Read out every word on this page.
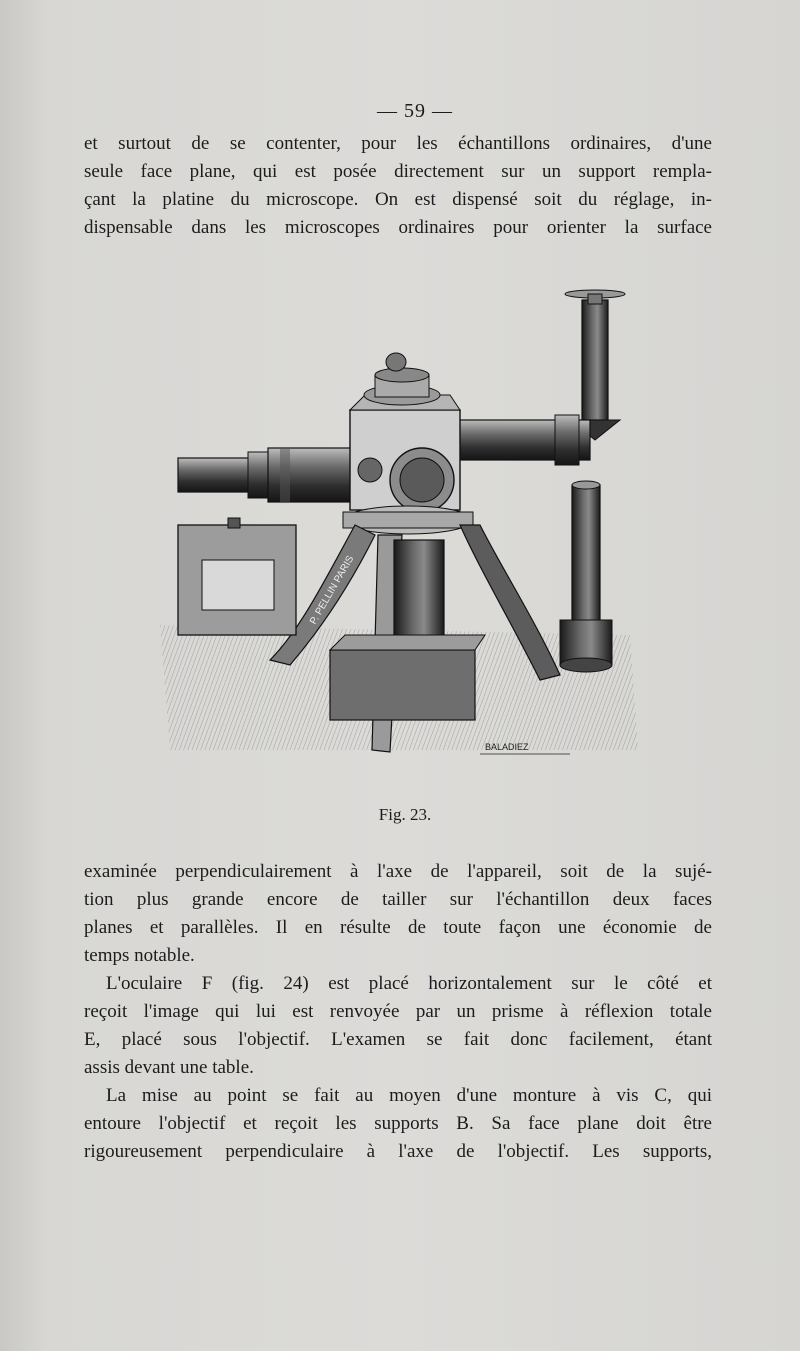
— 59 —
et surtout de se contenter, pour les échantillons ordinaires, d'une
seule face plane, qui est posée directement sur un support rempla-
çant la platine du microscope. On est dispensé soit du réglage, in-
dispensable dans les microscopes ordinaires pour orienter la surface
P. PELLIN PARIS
BALADIEZ
Fig. 23.
examinée perpendiculairement à l'axe de l'appareil, soit de la sujé-
tion plus grande encore de tailler sur l'échantillon deux faces
planes et parallèles. Il en résulte de toute façon une économie de
temps notable.
L'oculaire F (fig. 24) est placé horizontalement sur le côté et
reçoit l'image qui lui est renvoyée par un prisme à réflexion totale
E, placé sous l'objectif. L'examen se fait donc facilement, étant
assis devant une table.
La mise au point se fait au moyen d'une monture à vis C, qui
entoure l'objectif et reçoit les supports B. Sa face plane doit être
rigoureusement perpendiculaire à l'axe de l'objectif. Les supports,
